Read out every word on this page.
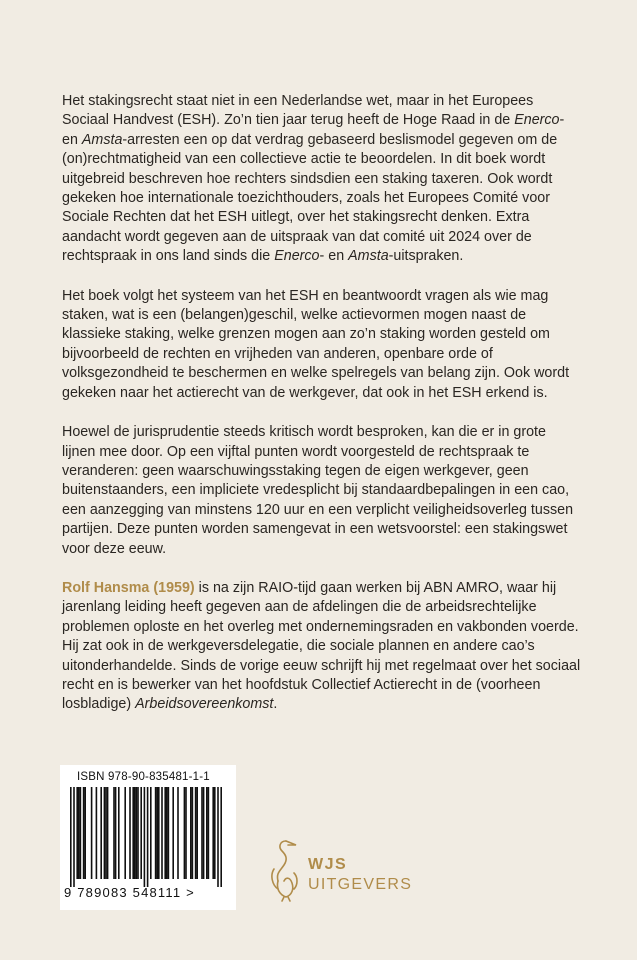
Het stakingsrecht staat niet in een Nederlandse wet, maar in het Europees Sociaal Handvest (ESH). Zo’n tien jaar terug heeft de Hoge Raad in de Enerco- en Amsta-arresten een op dat verdrag gebaseerd beslismodel gegeven om de (on)rechtmatigheid van een collectieve actie te beoordelen. In dit boek wordt uitgebreid beschreven hoe rechters sindsdien een staking taxeren. Ook wordt gekeken hoe internationale toezichthouders, zoals het Europees Comité voor Sociale Rechten dat het ESH uitlegt, over het stakingsrecht denken. Extra aandacht wordt gegeven aan de uitspraak van dat comité uit 2024 over de rechtspraak in ons land sinds die Enerco- en Amsta-uitspraken.

Het boek volgt het systeem van het ESH en beantwoordt vragen als wie mag staken, wat is een (belangen)geschil, welke actievormen mogen naast de klassieke staking, welke grenzen mogen aan zo’n staking worden gesteld om bijvoorbeeld de rechten en vrijheden van anderen, openbare orde of volksgezondheid te beschermen en welke spelregels van belang zijn. Ook wordt gekeken naar het actierecht van de werkgever, dat ook in het ESH erkend is.

Hoewel de jurisprudentie steeds kritisch wordt besproken, kan die er in grote lijnen mee door. Op een vijftal punten wordt voorgesteld de rechtspraak te veranderen: geen waarschuwingsstaking tegen de eigen werkgever, geen buitenstaanders, een impliciete vredesplicht bij standaardbepalingen in een cao, een aanzegging van minstens 120 uur en een verplicht veiligheidsoverleg tussen partijen. Deze punten worden samengevat in een wetsvoorstel: een stakingswet voor deze eeuw.

Rolf Hansma (1959) is na zijn RAIO-tijd gaan werken bij ABN AMRO, waar hij jarenlang leiding heeft gegeven aan de afdelingen die de arbeidsrechtelijke problemen oploste en het overleg met ondernemingsraden en vakbonden voerde. Hij zat ook in de werkgeversdelegatie, die sociale plannen en andere cao’s uitonderhandelde. Sinds de vorige eeuw schrijft hij met regelmaat over het sociaal recht en is bewerker van het hoofdstuk Collectief Actierecht in de (voorheen losbladige) Arbeidsovereenkomst.

ISBN 978-90-835481-1-1
9 789083 548111 >
WJS
UITGEVERS
